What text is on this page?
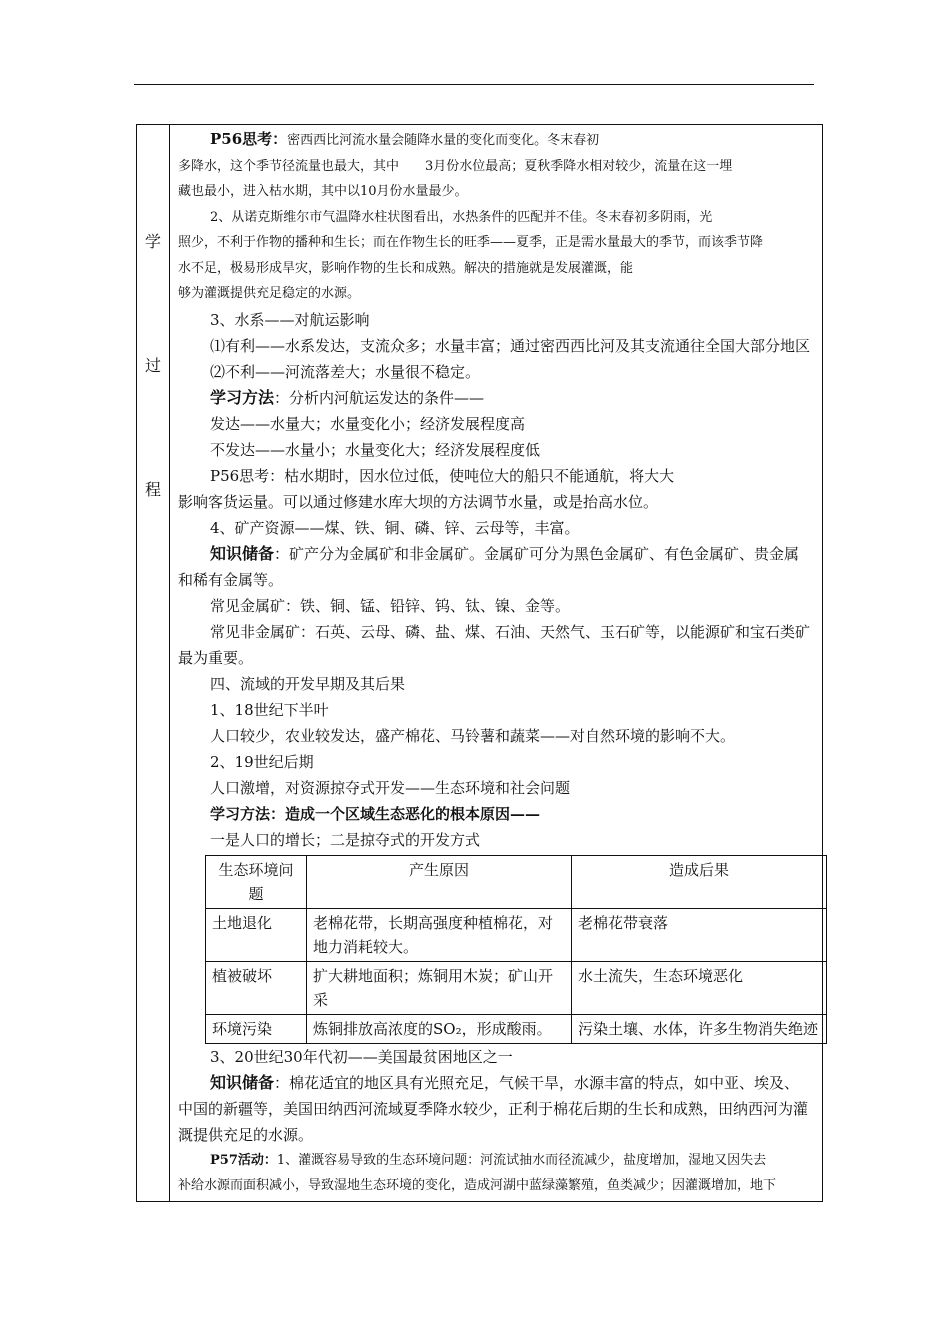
学
过
程

P56思考：密西西比河流水量会随降水量的变化而变化。冬末春初

多降水，这个季节径流量也最大，其中　　3月份水位最高；夏秋季降水相对较少，流量在这一埋

藏也最小，进入枯水期，其中以10月份水量最少。

2、从诺克斯维尔市气温降水柱状图看出，水热条件的匹配并不佳。冬末春初多阴雨，光

照少，不利于作物的播种和生长；而在作物生长的旺季——夏季，正是需水量最大的季节，而该季节降

水不足，极易形成旱灾，影响作物的生长和成熟。解决的措施就是发展灌溉，能

够为灌溉提供充足稳定的水源。

3、水系——对航运影响

⑴有利——水系发达，支流众多；水量丰富；通过密西西比河及其支流通往全国大部分地区

⑵不利——河流落差大；水量很不稳定。

学习方法：分析内河航运发达的条件——

发达——水量大；水量变化小；经济发展程度高

不发达——水量小；水量变化大；经济发展程度低

P56思考：枯水期时，因水位过低，使吨位大的船只不能通航，将大大

影响客货运量。可以通过修建水库大坝的方法调节水量，或是抬高水位。

4、矿产资源——煤、铁、铜、磷、锌、云母等，丰富。

知识储备：矿产分为金属矿和非金属矿。金属矿可分为黑色金属矿、有色金属矿、贵金属和稀有金属等。

常见金属矿：铁、铜、锰、铅锌、钨、钛、镍、金等。

常见非金属矿：石英、云母、磷、盐、煤、石油、天然气、玉石矿等，以能源矿和宝石类矿最为重要。

四、流域的开发早期及其后果

1、18世纪下半叶

人口较少，农业较发达，盛产棉花、马铃薯和蔬菜——对自然环境的影响不大。

2、19世纪后期

人口激增，对资源掠夺式开发——生态环境和社会问题

学习方法：造成一个区域生态恶化的根本原因——

一是人口的增长；二是掠夺式的开发方式

生态环境问题	产生原因	造成后果
土地退化	老棉花带，长期高强度种植棉花，对地力消耗较大。	老棉花带衰落
植被破坏	扩大耕地面积；炼铜用木炭；矿山开采	水土流失，生态环境恶化
环境污染	炼铜排放高浓度的SO₂，形成酸雨。	污染土壤、水体，许多生物消失绝迹

3、20世纪30年代初——美国最贫困地区之一

知识储备：棉花适宜的地区具有光照充足，气候干旱，水源丰富的特点，如中亚、埃及、中国的新疆等，美国田纳西河流域夏季降水较少，正利于棉花后期的生长和成熟，田纳西河为灌溉提供充足的水源。

P57活动：1、灌溉容易导致的生态环境问题：河流试抽水而径流减少，盐度增加，湿地又因失去

补给水源而面积减小，导致湿地生态环境的变化，造成河湖中蓝绿藻繁殖，鱼类减少；因灌溉增加，地下
